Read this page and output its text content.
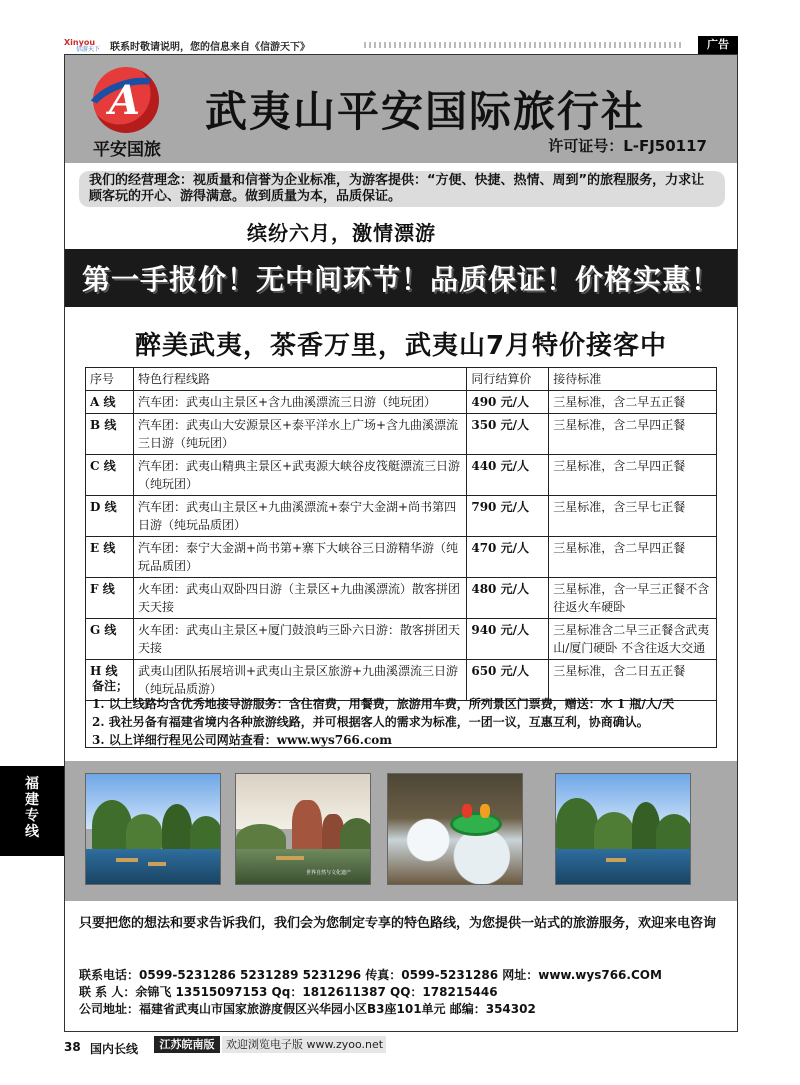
Xinyou
信游天下 联系时敬请说明，您的信息来自《信游天下》	广告
A
平安国旅
武夷山平安国际旅行社
许可证号：L-FJ50117
我们的经营理念：视质量和信誉为企业标准，为游客提供：“方便、快捷、热情、周到”的旅程服务，力求让顾客玩的开心、游得满意。做到质量为本，品质保证。
缤纷六月，激情漂游
第一手报价！无中间环节！品质保证！价格实惠！
醉美武夷，茶香万里，武夷山7月特价接客中
序号	特色行程线路	同行结算价	接待标准
A 线	汽车团：武夷山主景区+含九曲溪漂流三日游（纯玩团）	490 元/人	三星标准，含二早五正餐
B 线	汽车团：武夷山大安源景区+泰平洋水上广场+含九曲溪漂流三日游（纯玩团）	350 元/人	三星标准，含二早四正餐
C 线	汽车团：武夷山精典主景区+武夷源大峡谷皮筏艇漂流三日游（纯玩团）	440 元/人	三星标准，含二早四正餐
D 线	汽车团：武夷山主景区+九曲溪漂流+泰宁大金湖+尚书第四日游（纯玩品质团）	790 元/人	三星标准，含三早七正餐
E 线	汽车团：泰宁大金湖+尚书第+寨下大峡谷三日游精华游（纯玩品质团）	470 元/人	三星标准，含二早四正餐
F 线	火车团：武夷山双卧四日游（主景区+九曲溪漂流）散客拼团天天接	480 元/人	三星标准，含一早三正餐不含往返火车硬卧
G 线	火车团：武夷山主景区+厦门鼓浪屿三卧六日游：散客拼团天天接	940 元/人	三星标准含二早三正餐含武夷山/厦门硬卧 不含往返大交通
H 线	武夷山团队拓展培训+武夷山主景区旅游+九曲溪漂流三日游（纯玩品质游）	650 元/人	三星标准，含二日五正餐
备注；
1. 以上线路均含优秀地接导游服务：含住宿费，用餐费，旅游用车费，所列景区门票费，赠送：水 1 瓶/人/天
2. 我社另备有福建省境内各种旅游线路，并可根据客人的需求为标准，一团一议，互惠互利，协商确认。
3. 以上详细行程见公司网站查看：www.wys766.com
世界自然与文化遗产
只要把您的想法和要求告诉我们，我们会为您制定专享的特色路线，为您提供一站式的旅游服务，欢迎来电咨询
联系电话：0599-5231286 5231289 5231296 传真：0599-5231286 网址：www.wys766.COM
联 系 人：余锦飞 13515097153 Qq：1812611387 QQ：178215446
公司地址：福建省武夷山市国家旅游度假区兴华园小区B3座101单元 邮编：354302
福建专线
38 国内长线	江苏皖南版	欢迎浏览电子版 www.zyoo.net
